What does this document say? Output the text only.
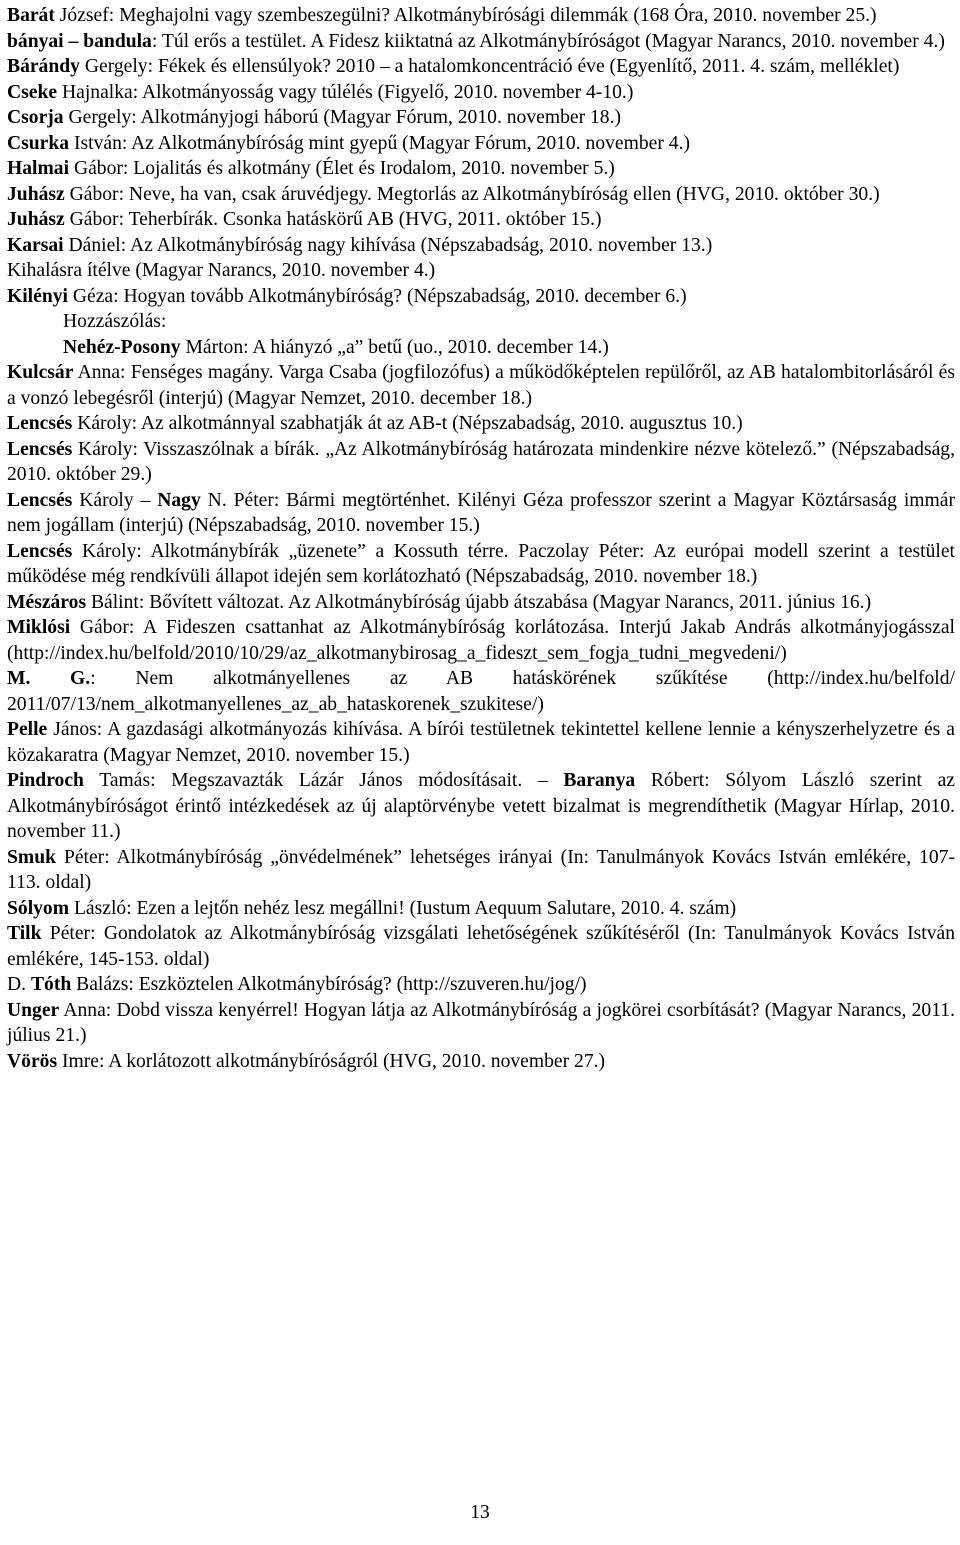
Barát József: Meghajolni vagy szembeszegülni? Alkotmánybírósági dilemmák (168 Óra, 2010. november 25.)

bányai – bandula: Túl erős a testület. A Fidesz kiiktatná az Alkotmánybíróságot (Magyar Narancs, 2010. november 4.)

Bárándy Gergely: Fékek és ellensúlyok? 2010 – a hatalomkoncentráció éve (Egyenlítő, 2011. 4. szám, melléklet)

Cseke Hajnalka: Alkotmányosság vagy túlélés (Figyelő, 2010. november 4-10.)

Csorja Gergely: Alkotmányjogi háború (Magyar Fórum, 2010. november 18.)

Csurka István: Az Alkotmánybíróság mint gyepű (Magyar Fórum, 2010. november 4.)

Halmai Gábor: Lojalitás és alkotmány (Élet és Irodalom, 2010. november 5.)

Juhász Gábor: Neve, ha van, csak áruvédjegy. Megtorlás az Alkotmánybíróság ellen (HVG, 2010. október 30.)

Juhász Gábor: Teherbírák. Csonka hatáskörű AB (HVG, 2011. október 15.)

Karsai Dániel: Az Alkotmánybíróság nagy kihívása (Népszabadság, 2010. november 13.)

Kihalásra ítélve (Magyar Narancs, 2010. november 4.)

Kilényi Géza: Hogyan tovább Alkotmánybíróság? (Népszabadság, 2010. december 6.)

Hozzászólás:

Nehéz-Posony Márton: A hiányzó „a” betű (uo., 2010. december 14.)

Kulcsár Anna: Fenséges magány. Varga Csaba (jogfilozófus) a működőképtelen repülőről, az AB hatalombitorlásáról és a vonzó lebegésről (interjú) (Magyar Nemzet, 2010. december 18.)

Lencsés Károly: Az alkotmánnyal szabhatják át az AB-t (Népszabadság, 2010. augusztus 10.)

Lencsés Károly: Visszaszólnak a bírák. „Az Alkotmánybíróság határozata mindenkire nézve kötelező.” (Népszabadság, 2010. október 29.)

Lencsés Károly – Nagy N. Péter: Bármi megtörténhet. Kilényi Géza professzor szerint a Magyar Köztársaság immár nem jogállam (interjú) (Népszabadság, 2010. november 15.)

Lencsés Károly: Alkotmánybírák „üzenete” a Kossuth térre. Paczolay Péter: Az európai modell szerint a testület működése még rendkívüli állapot idején sem korlátozható (Népszabadság, 2010. november 18.)

Mészáros Bálint: Bővített változat. Az Alkotmánybíróság újabb átszabása (Magyar Narancs, 2011. június 16.)

Miklósi Gábor: A Fideszen csattanhat az Alkotmánybíróság korlátozása. Interjú Jakab András alkotmányjogásszal (http://index.hu/belfold/2010/10/29/az_alkotmanybirosag_a_fideszt_sem_fogja_tudni_megvedeni/)

M. G.: Nem alkotmányellenes az AB hatáskörének szűkítése (http://index.hu/belfold/ 2011/07/13/nem_alkotmanyellenes_az_ab_hataskorenek_szukitese/)

Pelle János: A gazdasági alkotmányozás kihívása. A bírói testületnek tekintettel kellene lennie a kényszerhelyzetre és a közakaratra (Magyar Nemzet, 2010. november 15.)

Pindroch Tamás: Megszavazták Lázár János módosításait. – Baranya Róbert: Sólyom László szerint az Alkotmánybíróságot érintő intézkedések az új alaptörvénybe vetett bizalmat is megrendíthetik (Magyar Hírlap, 2010. november 11.)

Smuk Péter: Alkotmánybíróság „önvédelmének” lehetséges irányai (In: Tanulmányok Kovács István emlékére, 107-113. oldal)

Sólyom László: Ezen a lejtőn nehéz lesz megállni! (Iustum Aequum Salutare, 2010. 4. szám)

Tilk Péter: Gondolatok az Alkotmánybíróság vizsgálati lehetőségének szűkítéséről (In: Tanulmányok Kovács István emlékére, 145-153. oldal)

D. Tóth Balázs: Eszköztelen Alkotmánybíróság? (http://szuveren.hu/jog/)

Unger Anna: Dobd vissza kenyérrel! Hogyan látja az Alkotmánybíróság a jogkörei csorbítását? (Magyar Narancs, 2011. július 21.)

Vörös Imre: A korlátozott alkotmánybíróságról (HVG, 2010. november 27.)

13
